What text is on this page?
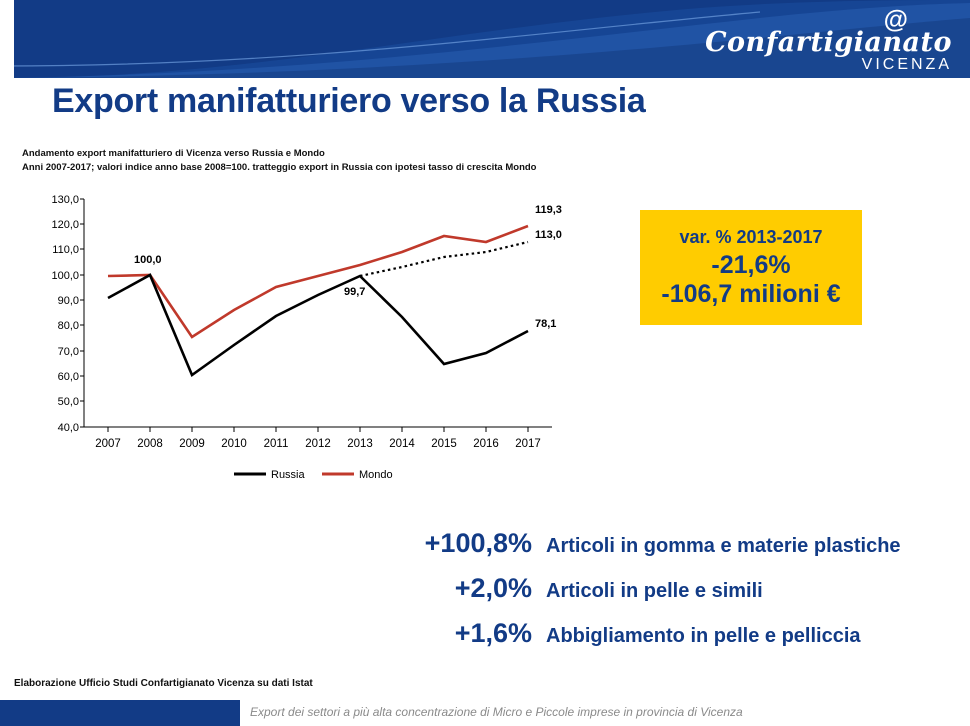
@
Confartigianato
VICENZA
Export manifatturiero verso la Russia
Andamento export manifatturiero di Vicenza verso Russia e Mondo
Anni 2007-2017; valori indice anno base 2008=100. tratteggio export in Russia con ipotesi tasso di crescita Mondo
130,0
120,0
110,0
100,0
90,0
80,0
70,0
60,0
50,0
40,0
2007 2008 2009 2010 2011 2012 2013 2014 2015 2016 2017
100,0
99,7
119,3
113,0
78,1
Russia	Mondo
var. % 2013-2017
-21,6%
-106,7 milioni €
+100,8% Articoli in gomma e materie plastiche
+2,0% Articoli in pelle e simili
+1,6% Abbigliamento in pelle e pelliccia
Elaborazione Ufficio Studi Confartigianato Vicenza su dati Istat
Export dei settori a più alta concentrazione di Micro e Piccole imprese in provincia di Vicenza
